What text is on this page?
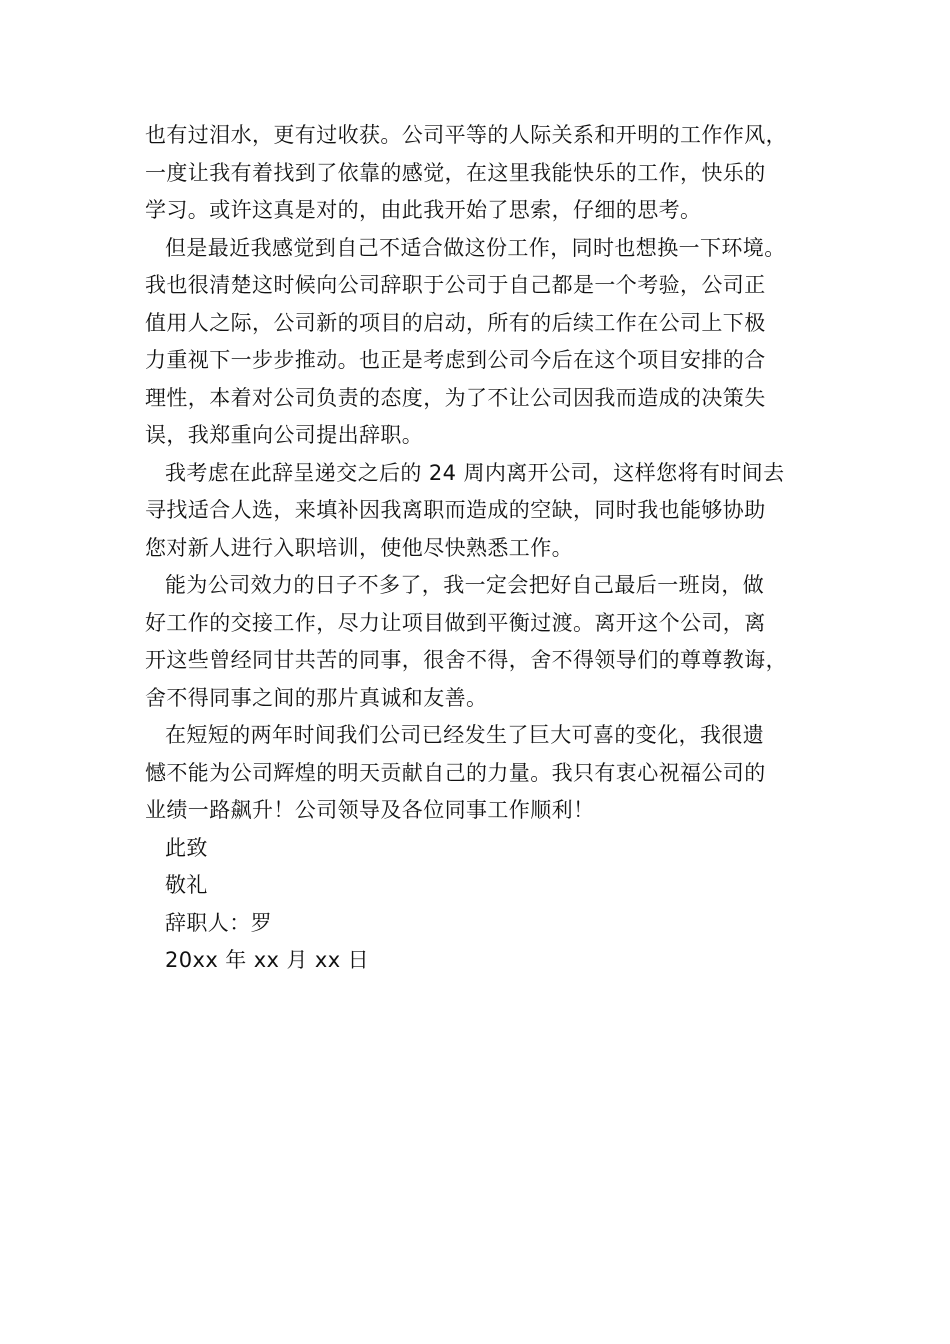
也有过泪水，更有过收获。公司平等的人际关系和开明的工作作风，
一度让我有着找到了依靠的感觉，在这里我能快乐的工作，快乐的
学习。或许这真是对的，由此我开始了思索，仔细的思考。
但是最近我感觉到自己不适合做这份工作，同时也想换一下环境。
我也很清楚这时候向公司辞职于公司于自己都是一个考验，公司正
值用人之际，公司新的项目的启动，所有的后续工作在公司上下极
力重视下一步步推动。也正是考虑到公司今后在这个项目安排的合
理性，本着对公司负责的态度，为了不让公司因我而造成的决策失
误，我郑重向公司提出辞职。
我考虑在此辞呈递交之后的 24 周内离开公司，这样您将有时间去
寻找适合人选，来填补因我离职而造成的空缺，同时我也能够协助
您对新人进行入职培训，使他尽快熟悉工作。
能为公司效力的日子不多了，我一定会把好自己最后一班岗，做
好工作的交接工作，尽力让项目做到平衡过渡。离开这个公司，离
开这些曾经同甘共苦的同事，很舍不得，舍不得领导们的尊尊教诲，
舍不得同事之间的那片真诚和友善。
在短短的两年时间我们公司已经发生了巨大可喜的变化，我很遗
憾不能为公司辉煌的明天贡献自己的力量。我只有衷心祝福公司的
业绩一路飙升！公司领导及各位同事工作顺利！
此致
敬礼
辞职人：罗
20xx 年 xx 月 xx 日
